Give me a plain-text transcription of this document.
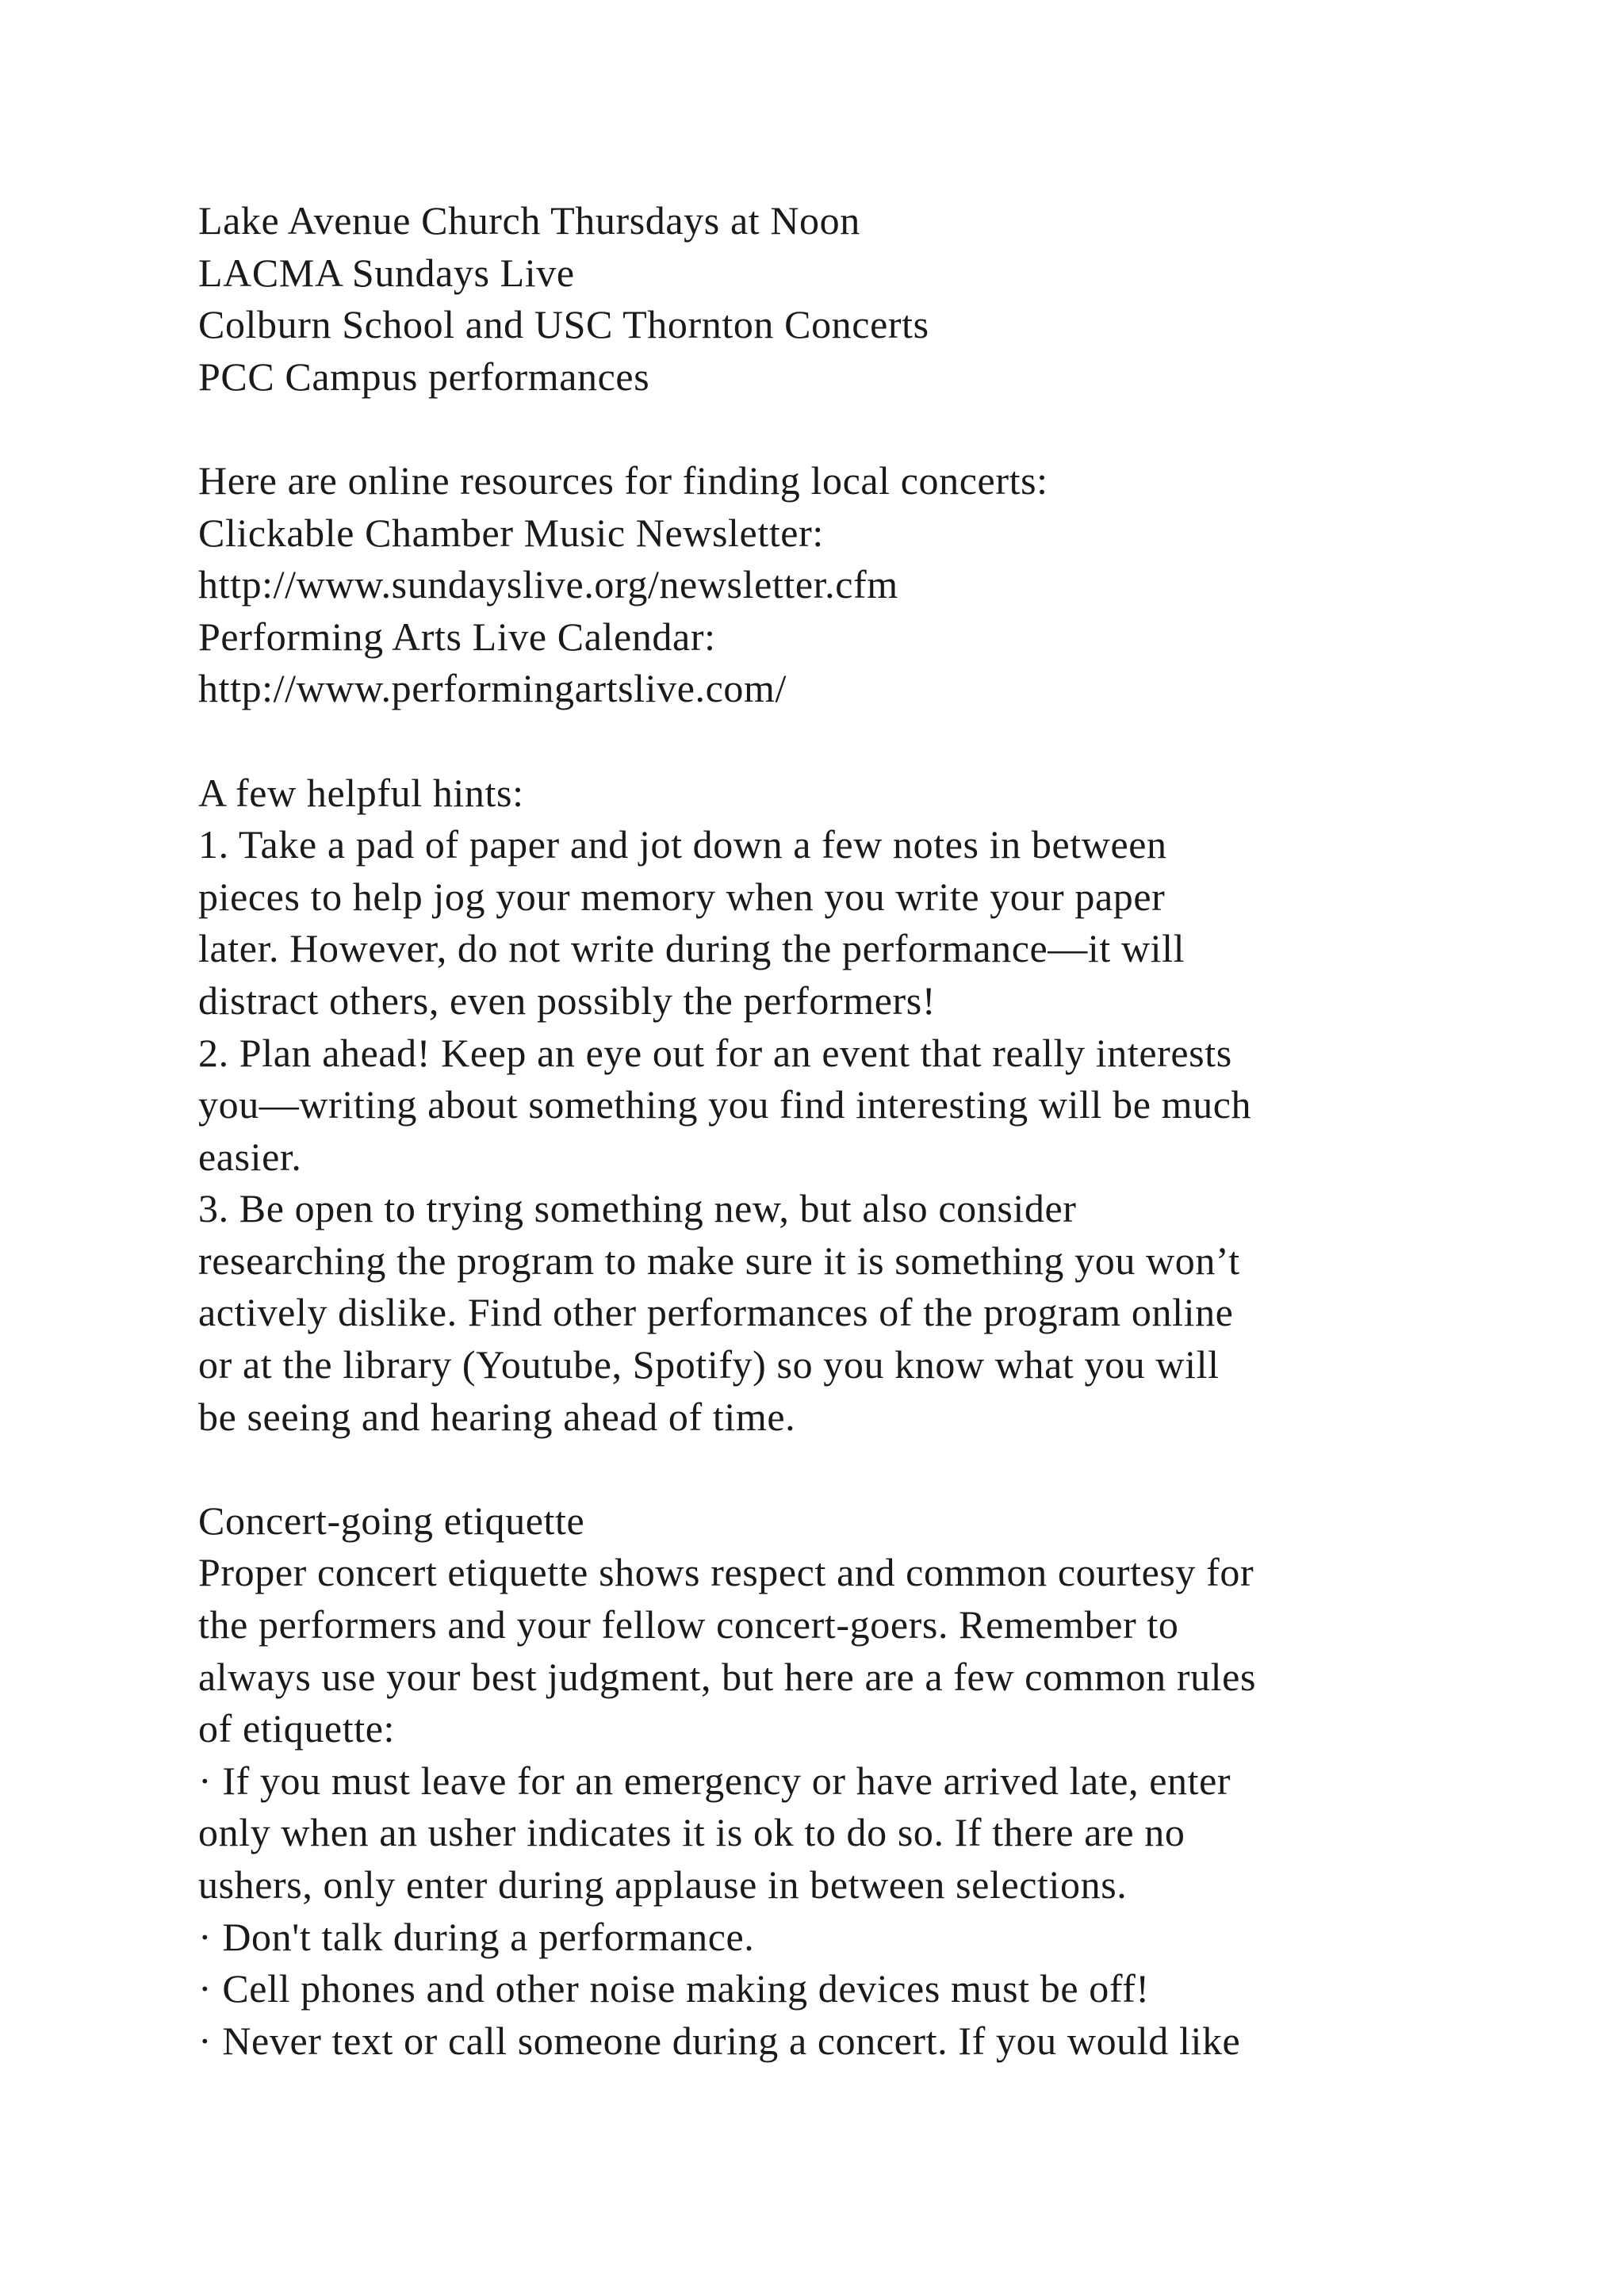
Lake Avenue Church Thursdays at Noon
LACMA Sundays Live
Colburn School and USC Thornton Concerts
PCC Campus performances
Here are online resources for finding local concerts:
Clickable Chamber Music Newsletter:
http://www.sundayslive.org/newsletter.cfm
Performing Arts Live Calendar:
http://www.performingartslive.com/
A few helpful hints:
1. Take a pad of paper and jot down a few notes in between
pieces to help jog your memory when you write your paper
later. However, do not write during the performance—it will
distract others, even possibly the performers!
2. Plan ahead! Keep an eye out for an event that really interests
you—writing about something you find interesting will be much
easier.
3. Be open to trying something new, but also consider
researching the program to make sure it is something you won’t
actively dislike. Find other performances of the program online
or at the library (Youtube, Spotify) so you know what you will
be seeing and hearing ahead of time.
Concert-going etiquette
Proper concert etiquette shows respect and common courtesy for
the performers and your fellow concert-goers. Remember to
always use your best judgment, but here are a few common rules
of etiquette:
· If you must leave for an emergency or have arrived late, enter
only when an usher indicates it is ok to do so. If there are no
ushers, only enter during applause in between selections.
· Don't talk during a performance.
· Cell phones and other noise making devices must be off!
· Never text or call someone during a concert. If you would like
